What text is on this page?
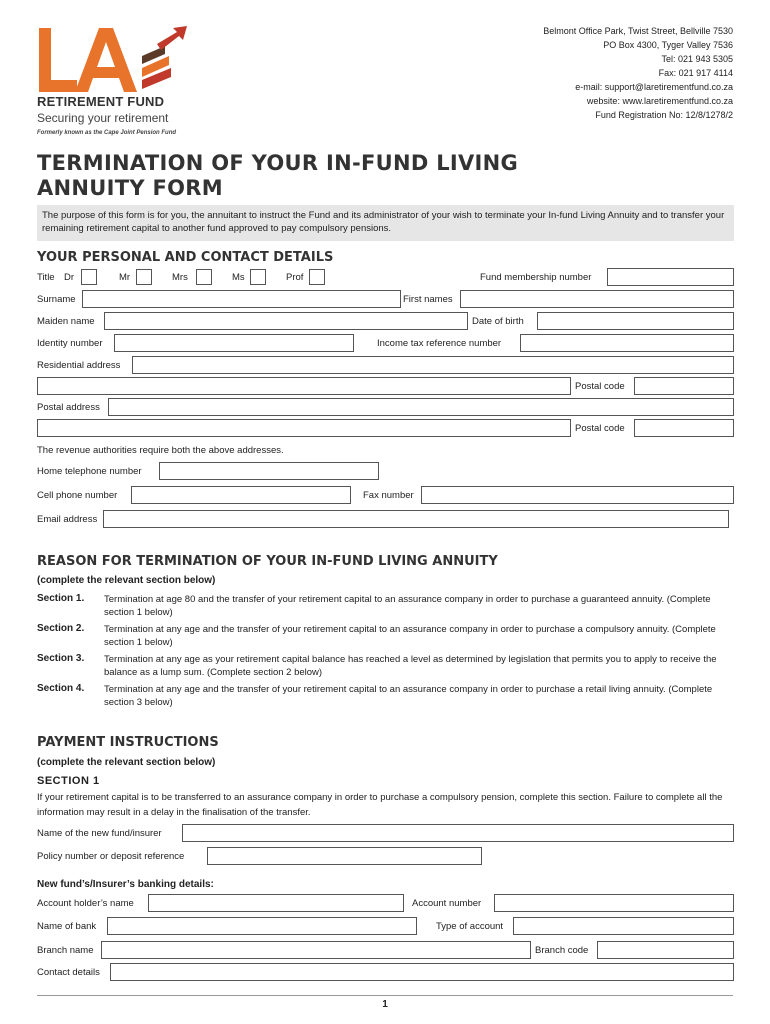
RETIREMENT FUND
Securing your retirement
Formerly known as the Cape Joint Pension Fund
Belmont Office Park, Twist Street, Bellville 7530
PO Box 4300, Tyger Valley 7536
Tel: 021 943 5305
Fax: 021 917 4114
e-mail: support@laretirementfund.co.za
website: www.laretirementfund.co.za
Fund Registration No: 12/8/1278/2
TERMINATION OF YOUR IN-FUND LIVING
ANNUITY FORM
The purpose of this form is for you, the annuitant to instruct the Fund and its administrator of your wish to terminate your In-fund Living Annuity and to transfer your remaining retirement capital to another fund approved to pay compulsory pensions.
YOUR PERSONAL AND CONTACT DETAILS
Title Dr	Mr	Mrs	Ms	Prof	Fund membership number
Surname	First names
Maiden name	Date of birth
Identity number	Income tax reference number
Residential address
Postal code
Postal address
Postal code
The revenue authorities require both the above addresses.
Home telephone number
Cell phone number	Fax number
Email address
REASON FOR TERMINATION OF YOUR IN-FUND LIVING ANNUITY
(complete the relevant section below)
Section 1. Termination at age 80 and the transfer of your retirement capital to an assurance company in order to purchase a guaranteed annuity. (Complete section 1 below)
Section 2. Termination at any age and the transfer of your retirement capital to an assurance company in order to purchase a compulsory annuity. (Complete section 1 below)
Section 3. Termination at any age as your retirement capital balance has reached a level as determined by legislation that permits you to apply to receive the balance as a lump sum. (Complete section 2 below)
Section 4. Termination at any age and the transfer of your retirement capital to an assurance company in order to purchase a retail living annuity. (Complete section 3 below)
PAYMENT INSTRUCTIONS
(complete the relevant section below)
SECTION 1
If your retirement capital is to be transferred to an assurance company in order to purchase a compulsory pension, complete this section. Failure to complete all the information may result in a delay in the finalisation of the transfer.
Name of the new fund/insurer
Policy number or deposit reference
New fund’s/Insurer’s banking details:
Account holder’s name	Account number
Name of bank	Type of account
Branch name	Branch code
Contact details
1
